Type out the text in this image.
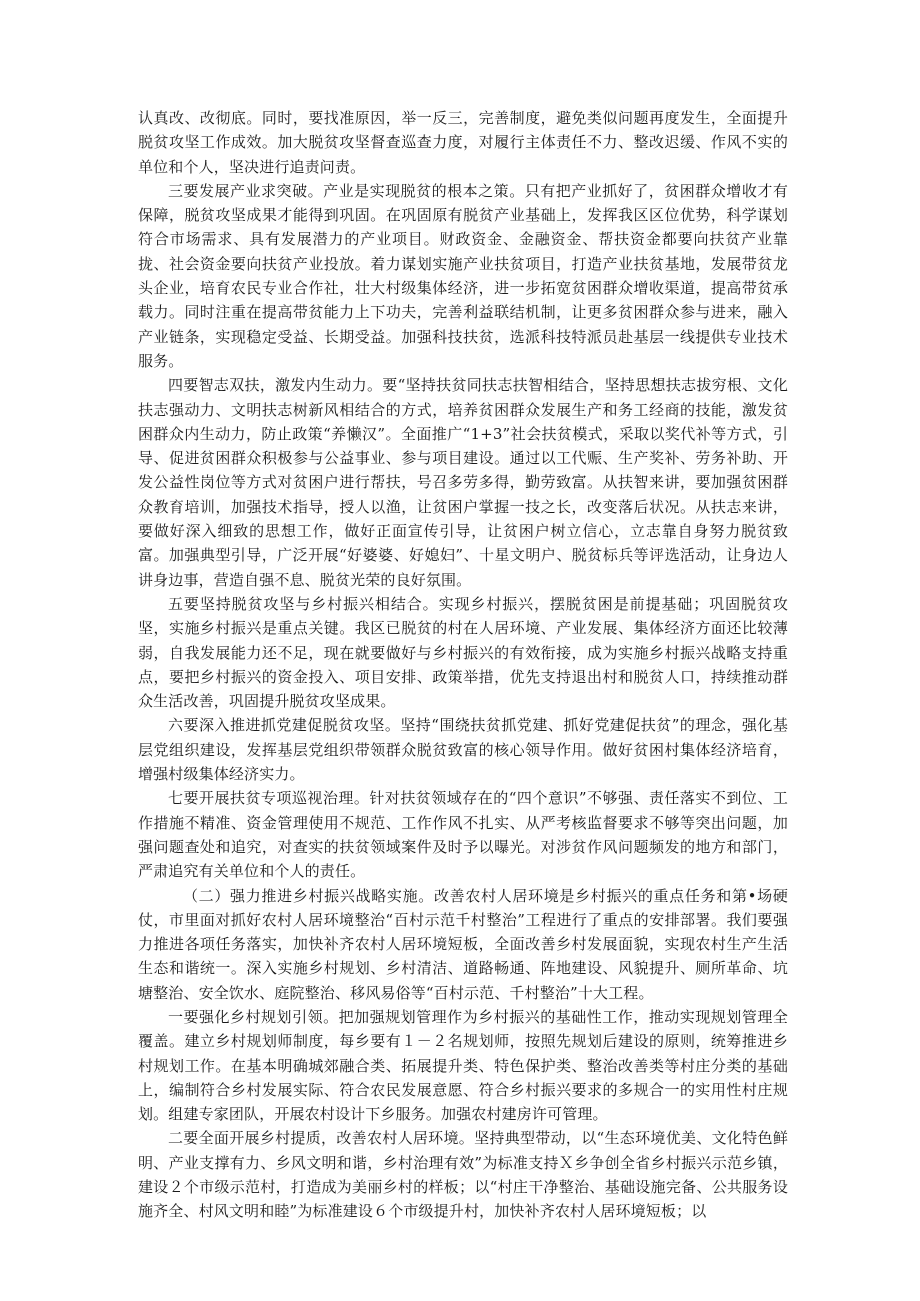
认真改、改彻底。同时，要找准原因，举一反三，完善制度，避免类似问题再度发生，全面提升脱贫攻坚工作成效。加大脱贫攻坚督查巡查力度，对履行主体责任不力、整改迟缓、作风不实的单位和个人，坚决进行追责问责。

三要发展产业求突破。产业是实现脱贫的根本之策。只有把产业抓好了，贫困群众增收才有保障，脱贫攻坚成果才能得到巩固。在巩固原有脱贫产业基础上，发挥我区区位优势，科学谋划符合市场需求、具有发展潜力的产业项目。财政资金、金融资金、帮扶资金都要向扶贫产业靠拢、社会资金要向扶贫产业投放。着力谋划实施产业扶贫项目，打造产业扶贫基地，发展带贫龙头企业，培育农民专业合作社，壮大村级集体经济，进一步拓宽贫困群众增收渠道，提高带贫承载力。同时注重在提高带贫能力上下功夫，完善利益联结机制，让更多贫困群众参与进来，融入产业链条，实现稳定受益、长期受益。加强科技扶贫，选派科技特派员赴基层一线提供专业技术服务。

四要智志双扶，激发内生动力。要“坚持扶贫同扶志扶智相结合，坚持思想扶志拔穷根、文化扶志强动力、文明扶志树新风相结合的方式，培养贫困群众发展生产和务工经商的技能，激发贫困群众内生动力，防止政策“养懒汉”。全面推广“1+3”社会扶贫模式，采取以奖代补等方式，引导、促进贫困群众积极参与公益事业、参与项目建设。通过以工代赈、生产奖补、劳务补助、开发公益性岗位等方式对贫困户进行帮扶，号召多劳多得，勤劳致富。从扶智来讲，要加强贫困群众教育培训，加强技术指导，授人以渔，让贫困户掌握一技之长，改变落后状况。从扶志来讲，要做好深入细致的思想工作，做好正面宣传引导，让贫困户树立信心，立志靠自身努力脱贫致富。加强典型引导，广泛开展“好婆婆、好媳妇”、十星文明户、脱贫标兵等评选活动，让身边人讲身边事，营造自强不息、脱贫光荣的良好氛围。

五要坚持脱贫攻坚与乡村振兴相结合。实现乡村振兴，摆脱贫困是前提基础；巩固脱贫攻坚，实施乡村振兴是重点关键。我区已脱贫的村在人居环境、产业发展、集体经济方面还比较薄弱，自我发展能力还不足，现在就要做好与乡村振兴的有效衔接，成为实施乡村振兴战略支持重点，要把乡村振兴的资金投入、项目安排、政策举措，优先支持退出村和脱贫人口，持续推动群众生活改善，巩固提升脱贫攻坚成果。

六要深入推进抓党建促脱贫攻坚。坚持“围绕扶贫抓党建、抓好党建促扶贫”的理念，强化基层党组织建设，发挥基层党组织带领群众脱贫致富的核心领导作用。做好贫困村集体经济培育，增强村级集体经济实力。

七要开展扶贫专项巡视治理。针对扶贫领域存在的“四个意识”不够强、责任落实不到位、工作措施不精准、资金管理使用不规范、工作作风不扎实、从严考核监督要求不够等突出问题，加强问题查处和追究，对查实的扶贫领域案件及时予以曝光。对涉贫作风问题频发的地方和部门，严肃追究有关单位和个人的责任。

（二）强力推进乡村振兴战略实施。改善农村人居环境是乡村振兴的重点任务和第•场硬仗，市里面对抓好农村人居环境整治“百村示范千村整治”工程进行了重点的安排部署。我们要强力推进各项任务落实，加快补齐农村人居环境短板，全面改善乡村发展面貌，实现农村生产生活生态和谐统一。深入实施乡村规划、乡村清洁、道路畅通、阵地建设、风貌提升、厕所革命、坑塘整治、安全饮水、庭院整治、移风易俗等“百村示范、千村整治”十大工程。

一要强化乡村规划引领。把加强规划管理作为乡村振兴的基础性工作，推动实现规划管理全覆盖。建立乡村规划师制度，每乡要有１－２名规划师，按照先规划后建设的原则，统筹推进乡村规划工作。在基本明确城郊融合类、拓展提升类、特色保护类、整治改善类等村庄分类的基础上，编制符合乡村发展实际、符合农民发展意愿、符合乡村振兴要求的多规合一的实用性村庄规划。组建专家团队，开展农村设计下乡服务。加强农村建房许可管理。

二要全面开展乡村提质，改善农村人居环境。坚持典型带动，以“生态环境优美、文化特色鲜明、产业支撑有力、乡风文明和谐，乡村治理有效”为标准支持Ｘ乡争创全省乡村振兴示范乡镇，建设２个市级示范村，打造成为美丽乡村的样板；以“村庄干净整治、基础设施完备、公共服务设施齐全、村风文明和睦”为标准建设６个市级提升村，加快补齐农村人居环境短板；以
